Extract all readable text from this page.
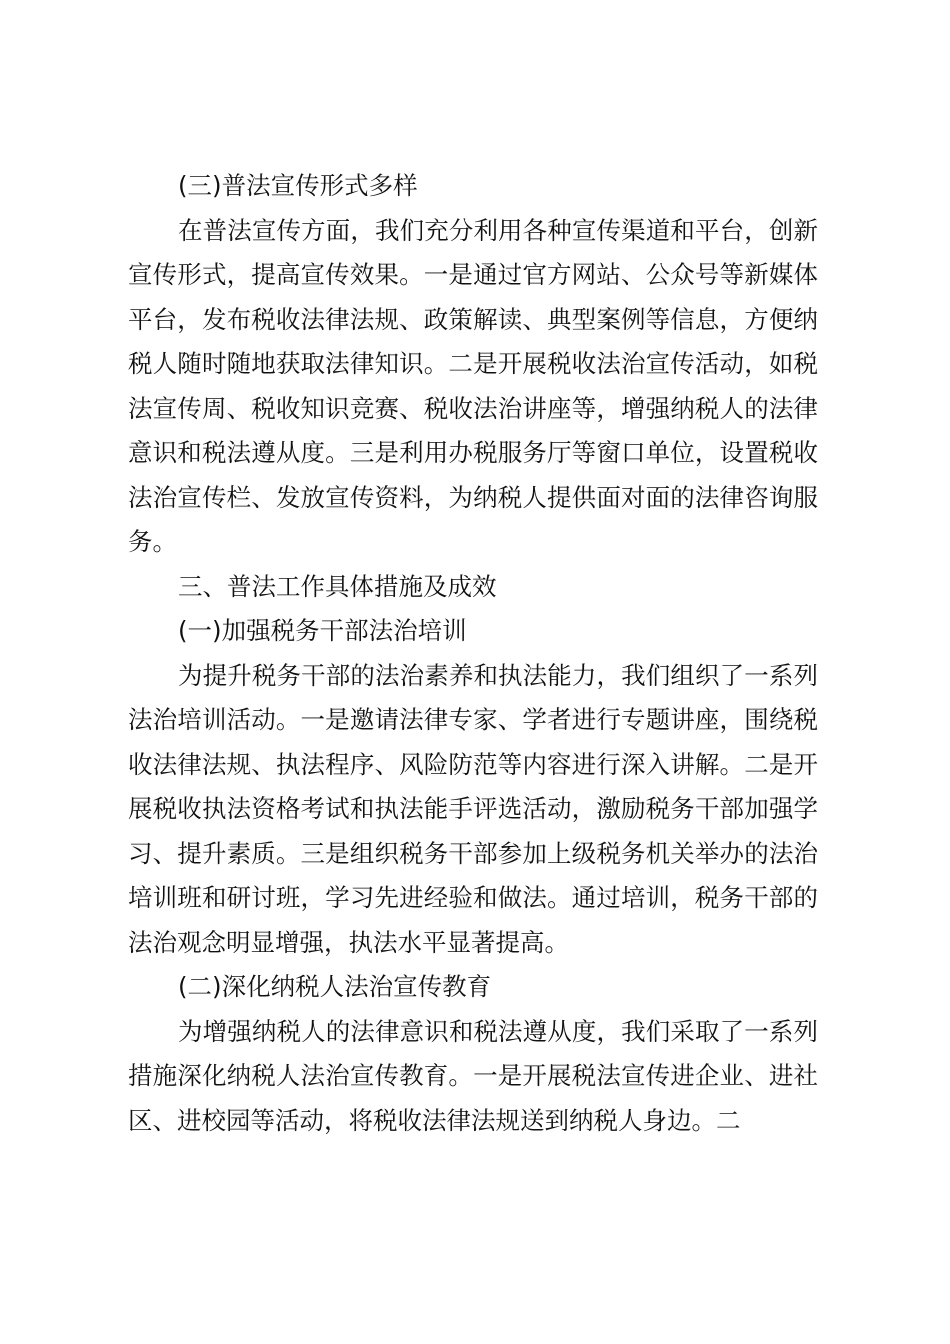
(三)普法宣传形式多样

在普法宣传方面，我们充分利用各种宣传渠道和平台，创新宣传形式，提高宣传效果。一是通过官方网站、公众号等新媒体平台，发布税收法律法规、政策解读、典型案例等信息，方便纳税人随时随地获取法律知识。二是开展税收法治宣传活动，如税法宣传周、税收知识竞赛、税收法治讲座等，增强纳税人的法律意识和税法遵从度。三是利用办税服务厅等窗口单位，设置税收法治宣传栏、发放宣传资料，为纳税人提供面对面的法律咨询服务。

三、普法工作具体措施及成效

(一)加强税务干部法治培训

为提升税务干部的法治素养和执法能力，我们组织了一系列法治培训活动。一是邀请法律专家、学者进行专题讲座，围绕税收法律法规、执法程序、风险防范等内容进行深入讲解。二是开展税收执法资格考试和执法能手评选活动，激励税务干部加强学习、提升素质。三是组织税务干部参加上级税务机关举办的法治培训班和研讨班，学习先进经验和做法。通过培训，税务干部的法治观念明显增强，执法水平显著提高。

(二)深化纳税人法治宣传教育

为增强纳税人的法律意识和税法遵从度，我们采取了一系列措施深化纳税人法治宣传教育。一是开展税法宣传进企业、进社区、进校园等活动，将税收法律法规送到纳税人身边。二
